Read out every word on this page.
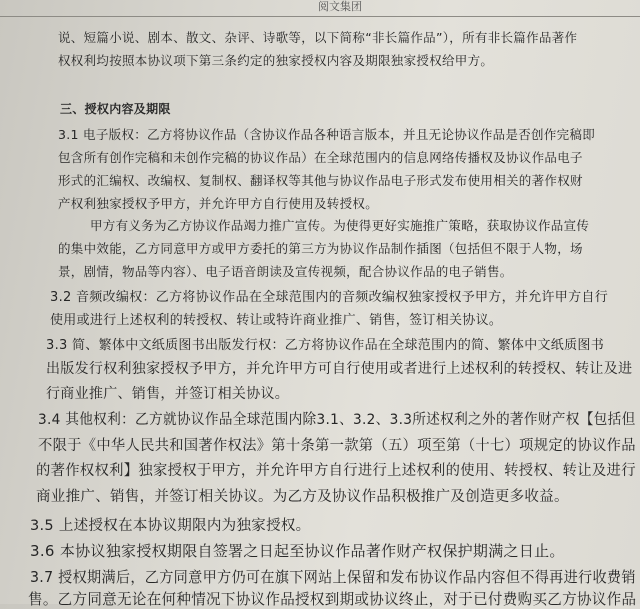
阅文集团

说、短篇小说、剧本、散文、杂评、诗歌等，以下简称“非长篇作品”），所有非长篇作品著作

权权利均按照本协议项下第三条约定的独家授权内容及期限独家授权给甲方。

三、授权内容及期限

3.1 电子版权：乙方将协议作品（含协议作品各种语言版本，并且无论协议作品是否创作完稿即

包含所有创作完稿和未创作完稿的协议作品）在全球范围内的信息网络传播权及协议作品电子

形式的汇编权、改编权、复制权、翻译权等其他与协议作品电子形式发布使用相关的著作权财

产权利独家授权予甲方，并允许甲方自行使用及转授权。

甲方有义务为乙方协议作品竭力推广宣传。为使得更好实施推广策略，获取协议作品宣传

的集中效能，乙方同意甲方或甲方委托的第三方为协议作品制作插图（包括但不限于人物，场

景，剧情，物品等内容）、电子语音朗读及宣传视频，配合协议作品的电子销售。

3.2 音频改编权：乙方将协议作品在全球范围内的音频改编权独家授权予甲方，并允许甲方自行

使用或进行上述权利的转授权、转让或特许商业推广、销售，签订相关协议。

3.3 简、繁体中文纸质图书出版发行权：乙方将协议作品在全球范围内的简、繁体中文纸质图书

出版发行权利独家授权予甲方，并允许甲方可自行使用或者进行上述权利的转授权、转让及进

行商业推广、销售，并签订相关协议。

3.4 其他权利：乙方就协议作品全球范围内除3.1、3.2、3.3所述权利之外的著作财产权【包括但

不限于《中华人民共和国著作权法》第十条第一款第（五）项至第（十七）项规定的协议作品

的著作权权利】独家授权于甲方，并允许甲方自行进行上述权利的使用、转授权、转让及进行

商业推广、销售，并签订相关协议。为乙方及协议作品积极推广及创造更多收益。

3.5 上述授权在本协议期限内为独家授权。

3.6 本协议独家授权期限自签署之日起至协议作品著作财产权保护期满之日止。

3.7 授权期满后，乙方同意甲方仍可在旗下网站上保留和发布协议作品内容但不得再进行收费销

售。乙方同意无论在何种情况下协议作品授权到期或协议终止，对于已付费购买乙方协议作品
